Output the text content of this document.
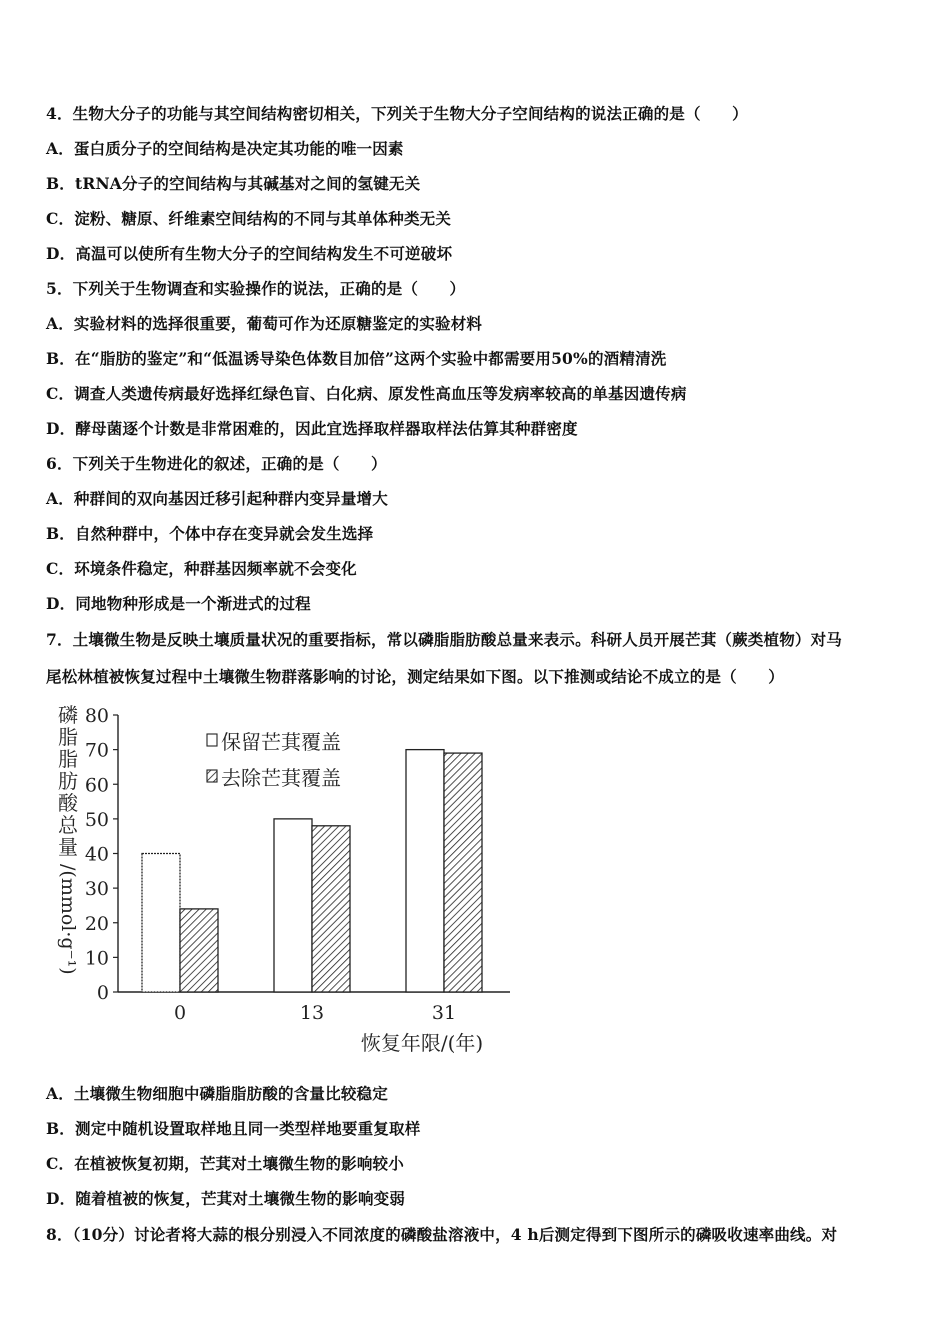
4．生物大分子的功能与其空间结构密切相关，下列关于生物大分子空间结构的说法正确的是（　　）
A．蛋白质分子的空间结构是决定其功能的唯一因素
B．tRNA分子的空间结构与其碱基对之间的氢键无关
C．淀粉、糖原、纤维素空间结构的不同与其单体种类无关
D．高温可以使所有生物大分子的空间结构发生不可逆破坏
5．下列关于生物调查和实验操作的说法，正确的是（　　）
A．实验材料的选择很重要，葡萄可作为还原糖鉴定的实验材料
B．在“脂肪的鉴定”和“低温诱导染色体数目加倍”这两个实验中都需要用50%的酒精清洗
C．调查人类遗传病最好选择红绿色盲、白化病、原发性高血压等发病率较高的单基因遗传病
D．酵母菌逐个计数是非常困难的，因此宜选择取样器取样法估算其种群密度
6．下列关于生物进化的叙述，正确的是（　　）
A．种群间的双向基因迁移引起种群内变异量增大
B．自然种群中，个体中存在变异就会发生选择
C．环境条件稳定，种群基因频率就不会变化
D．同地物种形成是一个渐进式的过程
7．土壤微生物是反映土壤质量状况的重要指标，常以磷脂脂肪酸总量来表示。科研人员开展芒萁（蕨类植物）对马
尾松林植被恢复过程中土壤微生物群落影响的讨论，测定结果如下图。以下推测或结论不成立的是（　　）
0
10
20
30
40
50
60
70
80
0	13	31
磷
脂
脂
肪
酸
总
量
/(mmol·g⁻¹)
保留芒萁覆盖
去除芒萁覆盖
恢复年限/(年)
A．土壤微生物细胞中磷脂脂肪酸的含量比较稳定
B．测定中随机设置取样地且同一类型样地要重复取样
C．在植被恢复初期，芒萁对土壤微生物的影响较小
D．随着植被的恢复，芒萁对土壤微生物的影响变弱
8．（10分）讨论者将大蒜的根分别浸入不同浓度的磷酸盐溶液中，4 h后测定得到下图所示的磷吸收速率曲线。对
